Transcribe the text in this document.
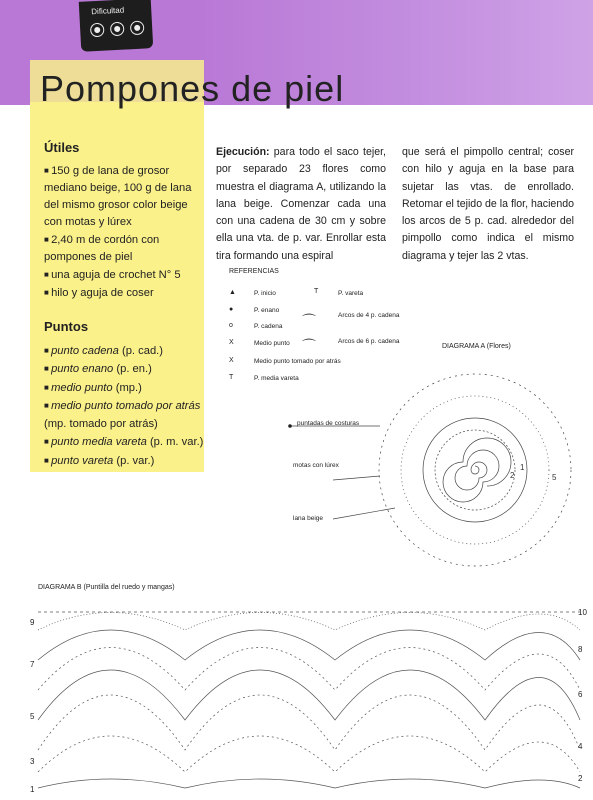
Dificultad
Pompones de piel
Útiles
■ 150 g de lana de grosor mediano beige, 100 g de lana del mismo grosor color beige con motas y lúrex
■ 2,40 m de cordón con pompones de piel
■ una aguja de crochet N° 5
■ hilo y aguja de coser
Puntos
■ punto cadena (p. cad.)
■ punto enano (p. en.)
■ medio punto (mp.)
■ medio punto tomado por atrás (mp. tomado por atrás)
■ punto media vareta (p. m. var.)
■ punto vareta (p. var.)
Ejecución: para todo el saco tejer, por separado 23 flores como muestra el diagrama A, utilizando la lana beige. Comenzar cada una con una cadena de 30 cm y sobre ella una vta. de p. var. Enrollar esta tira formando una espiral
que será el pimpollo central; coser con hilo y aguja en la base para sujetar las vtas. de enrollado. Retomar el tejido de la flor, haciendo los arcos de 5 p. cad. alrededor del pimpollo como indica el mismo diagrama y tejer las 2 vtas.
REFERENCIAS
▲	P. inicio
●	P. enano
o	P. cadena
X	Medio punto
X	Medio punto tomado por atrás
T	P. media vareta
T	P. vareta
⌒	Arcos de 4 p. cadena
⌒	Arcos de 6 p. cadena
DIAGRAMA A (Flores)
1
2	5
puntadas de costuras
motas con lúrex
lana beige
DIAGRAMA B (Puntilla del ruedo y mangas)
9
7
5
3
1
10
8
6
4
2
